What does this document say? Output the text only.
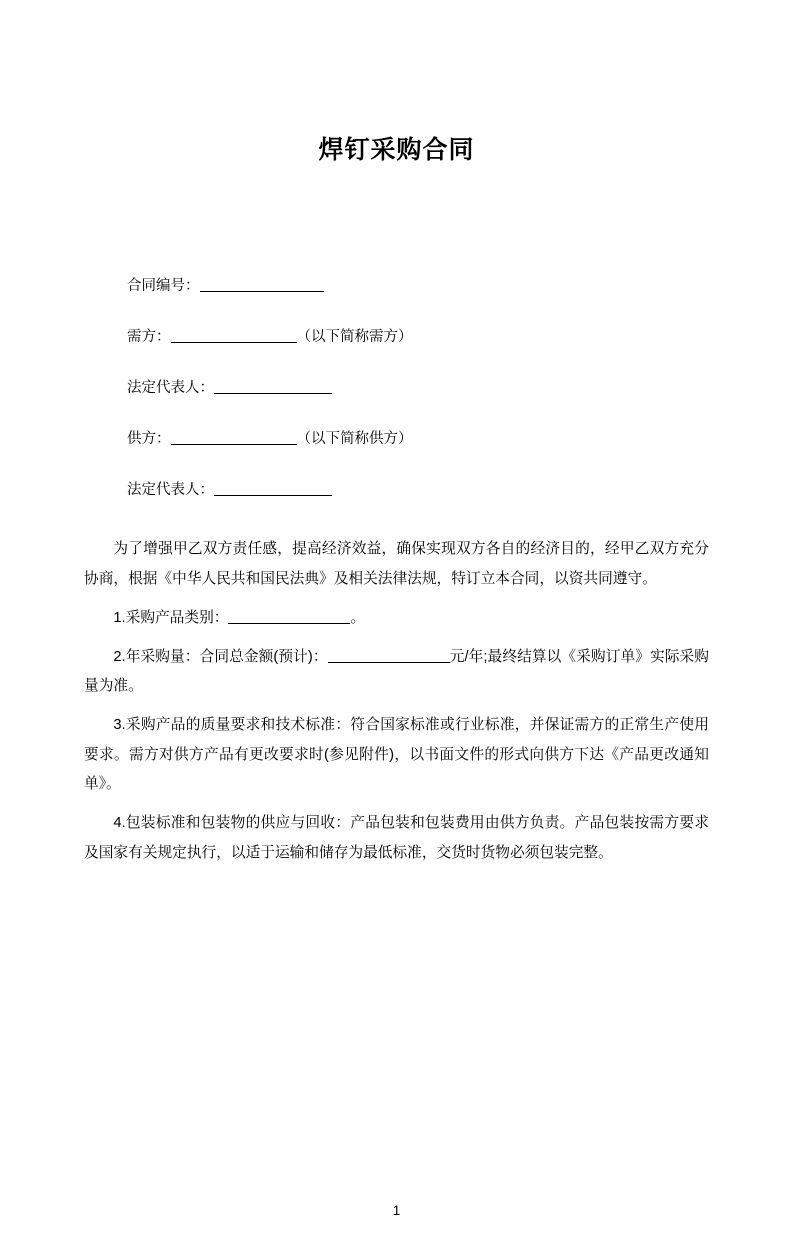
焊钉采购合同

合同编号：

需方：	（以下简称需方）

法定代表人：

供方：	（以下简称供方）

法定代表人：

为了增强甲乙双方责任感，提高经济效益，确保实现双方各自的经济目的，经甲乙双方充分协商，根据《中华人民共和国民法典》及相关法律法规，特订立本合同，以资共同遵守。

1.采购产品类别：	。

2.年采购量：合同总金额(预计)：	元/年;最终结算以《采购订单》实际采购量为准。

3.采购产品的质量要求和技术标准：符合国家标准或行业标准，并保证需方的正常生产使用要求。需方对供方产品有更改要求时(参见附件)，以书面文件的形式向供方下达《产品更改通知单》。

4.包装标准和包装物的供应与回收：产品包装和包装费用由供方负责。产品包装按需方要求及国家有关规定执行，以适于运输和储存为最低标准，交货时货物必须包装完整。

1
